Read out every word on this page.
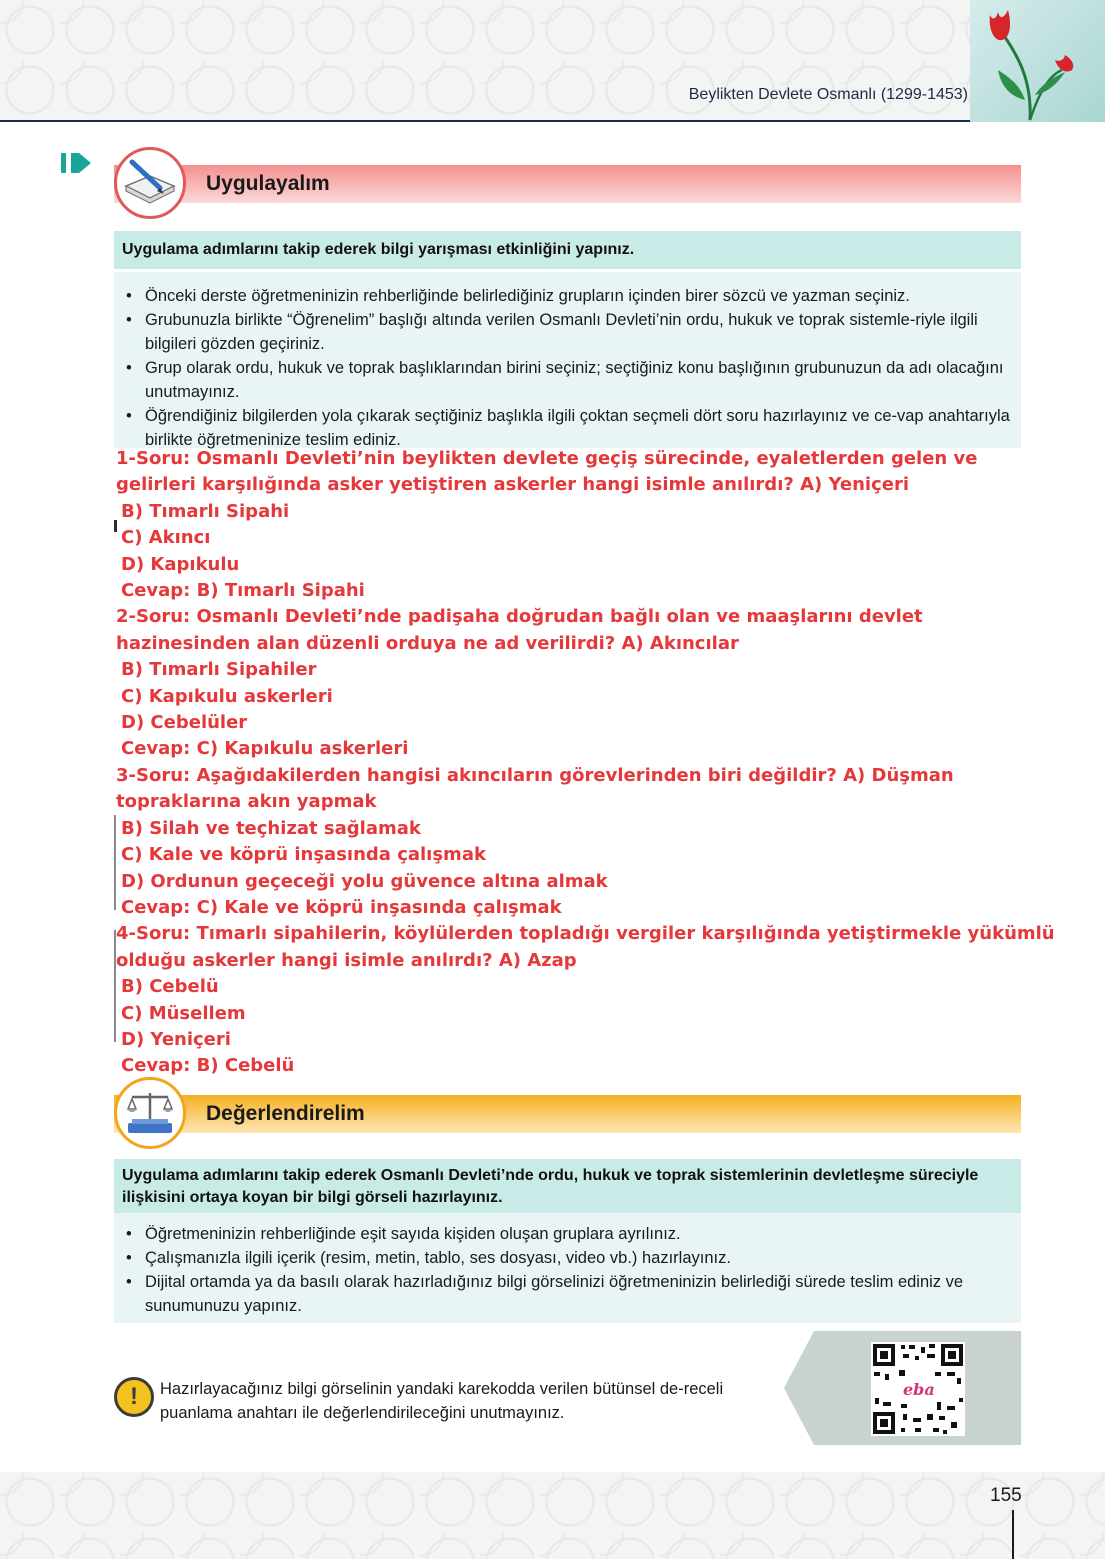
Beylikten Devlete Osmanlı (1299-1453)
Uygulayalım
Uygulama adımlarını takip ederek bilgi yarışması etkinliğini yapınız.
• Önceki derste öğretmeninizin rehberliğinde belirlediğiniz grupların içinden birer sözcü ve yazman seçiniz.
• Grubunuzla birlikte “Öğrenelim” başlığı altında verilen Osmanlı Devleti’nin ordu, hukuk ve toprak sistemle-riyle ilgili bilgileri gözden geçiriniz.
• Grup olarak ordu, hukuk ve toprak başlıklarından birini seçiniz; seçtiğiniz konu başlığının grubunuzun da adı olacağını unutmayınız.
• Öğrendiğiniz bilgilerden yola çıkarak seçtiğiniz başlıkla ilgili çoktan seçmeli dört soru hazırlayınız ve ce-vap anahtarıyla birlikte öğretmeninize teslim ediniz.
1-Soru: Osmanlı Devleti’nin beylikten devlete geçiş sürecinde, eyaletlerden gelen ve gelirleri karşılığında asker yetiştiren askerler hangi isimle anılırdı? A) Yeniçeri
B) Tımarlı Sipahi
C) Akıncı
D) Kapıkulu
Cevap: B) Tımarlı Sipahi
2-Soru: Osmanlı Devleti’nde padişaha doğrudan bağlı olan ve maaşlarını devlet hazinesinden alan düzenli orduya ne ad verilirdi? A) Akıncılar
B) Tımarlı Sipahiler
C) Kapıkulu askerleri
D) Cebelüler
Cevap: C) Kapıkulu askerleri
3-Soru: Aşağıdakilerden hangisi akıncıların görevlerinden biri değildir? A) Düşman topraklarına akın yapmak
B) Silah ve teçhizat sağlamak
C) Kale ve köprü inşasında çalışmak
D) Ordunun geçeceği yolu güvence altına almak
Cevap: C) Kale ve köprü inşasında çalışmak
4-Soru: Tımarlı sipahilerin, köylülerden topladığı vergiler karşılığında yetiştirmekle yükümlü olduğu askerler hangi isimle anılırdı? A) Azap
B) Cebelü
C) Müsellem
D) Yeniçeri
Cevap: B) Cebelü
Değerlendirelim
Uygulama adımlarını takip ederek Osmanlı Devleti’nde ordu, hukuk ve toprak sistemlerinin devletleşme süreciyle ilişkisini ortaya koyan bir bilgi görseli hazırlayınız.
• Öğretmeninizin rehberliğinde eşit sayıda kişiden oluşan gruplara ayrılınız.
• Çalışmanızla ilgili içerik (resim, metin, tablo, ses dosyası, video vb.) hazırlayınız.
• Dijital ortamda ya da basılı olarak hazırladığınız bilgi görselinizi öğretmeninizin belirlediği sürede teslim ediniz ve sunumunuzu yapınız.
!	Hazırlayacağınız bilgi görselinin yandaki karekodda verilen bütünsel de-receli puanlama anahtarı ile değerlendirileceğini unutmayınız.
eba
155
